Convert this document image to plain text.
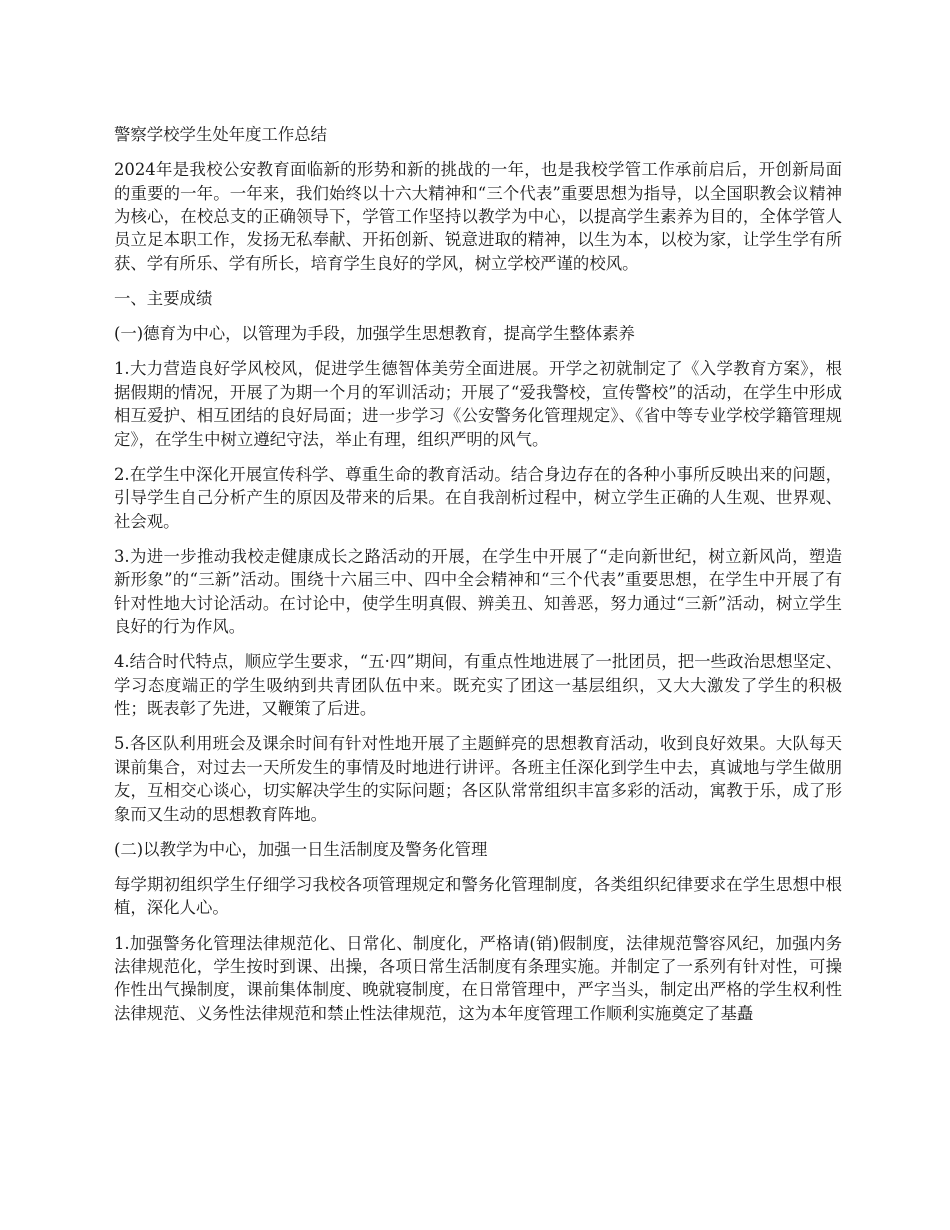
警察学校学生处年度工作总结

2024年是我校公安教育面临新的形势和新的挑战的一年，也是我校学管工作承前启后，开创新局面的重要的一年。一年来，我们始终以十六大精神和“三个代表”重要思想为指导，以全国职教会议精神为核心，在校总支的正确领导下，学管工作坚持以教学为中心，以提高学生素养为目的，全体学管人员立足本职工作，发扬无私奉献、开拓创新、锐意进取的精神，以生为本，以校为家，让学生学有所获、学有所乐、学有所长，培育学生良好的学风，树立学校严谨的校风。

一、主要成绩

(一)德育为中心，以管理为手段，加强学生思想教育，提高学生整体素养

1.大力营造良好学风校风，促进学生德智体美劳全面进展。开学之初就制定了《入学教育方案》，根据假期的情况，开展了为期一个月的军训活动；开展了“爱我警校，宣传警校”的活动，在学生中形成相互爱护、相互团结的良好局面；进一步学习《公安警务化管理规定》、《省中等专业学校学籍管理规定》，在学生中树立遵纪守法，举止有理，组织严明的风气。

2.在学生中深化开展宣传科学、尊重生命的教育活动。结合身边存在的各种小事所反映出来的问题，引导学生自己分析产生的原因及带来的后果。在自我剖析过程中，树立学生正确的人生观、世界观、社会观。

3.为进一步推动我校走健康成长之路活动的开展，在学生中开展了“走向新世纪，树立新风尚，塑造新形象”的“三新”活动。围绕十六届三中、四中全会精神和“三个代表”重要思想，在学生中开展了有针对性地大讨论活动。在讨论中，使学生明真假、辨美丑、知善恶，努力通过“三新”活动，树立学生良好的行为作风。

4.结合时代特点，顺应学生要求，“五·四”期间，有重点性地进展了一批团员，把一些政治思想坚定、学习态度端正的学生吸纳到共青团队伍中来。既充实了团这一基层组织，又大大激发了学生的积极性；既表彰了先进，又鞭策了后进。

5.各区队利用班会及课余时间有针对性地开展了主题鲜亮的思想教育活动，收到良好效果。大队每天课前集合，对过去一天所发生的事情及时地进行讲评。各班主任深化到学生中去，真诚地与学生做朋友，互相交心谈心，切实解决学生的实际问题；各区队常常组织丰富多彩的活动，寓教于乐，成了形象而又生动的思想教育阵地。

(二)以教学为中心，加强一日生活制度及警务化管理

每学期初组织学生仔细学习我校各项管理规定和警务化管理制度，各类组织纪律要求在学生思想中根植，深化人心。

1.加强警务化管理法律规范化、日常化、制度化，严格请(销)假制度，法律规范警容风纪，加强内务法律规范化，学生按时到课、出操，各项日常生活制度有条理实施。并制定了一系列有针对性，可操作性出气操制度，课前集体制度、晚就寝制度，在日常管理中，严字当头，制定出严格的学生权利性法律规范、义务性法律规范和禁止性法律规范，这为本年度管理工作顺利实施奠定了基矗
